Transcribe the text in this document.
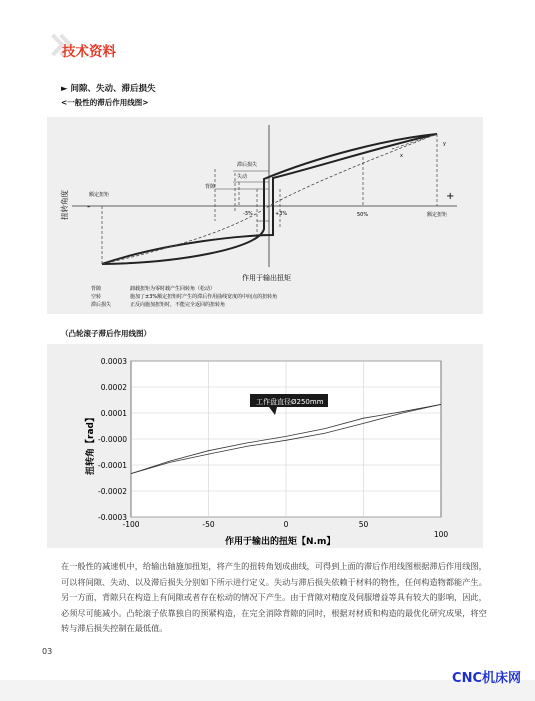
技术资料
► 间隙、失动、滞后损失
<一般性的滞后作用线图>
扭转角度
作用于输出扭矩
额定扭矩
额定扭矩
-
+
滞后损失
失动
背隙
-3%	+3%	50%
x
y
背隙	卸载扭矩为零时载产生回转角（松动）
空转	施加了±3%额定扭矩时产生的滞后作用曲线宽度的中间点的扭转角
滞后损失	正反向施加扭矩时，不能完全返回的扭转角
（凸轮滚子滞后作用线图）
0.0003
0.0002
0.0001
-0.0000
-0.0001
-0.0002
-0.0003
-100	-50	0	50
100
扭转角【rad】
作用于输出的扭矩【N.m】
工作盘直径Ø250mm
在一般性的减速机中，给输出轴施加扭矩，将产生的扭转角划成曲线，可得到上面的滞后作用线图根据滞后作用线图，可以将间隙、失动、以及滞后损失分别如下所示进行定义。失动与滞后损失依赖于材料的物性，任何构造物都能产生。另一方面，背隙只在构造上有间隙或者存在松动的情况下产生。由于背隙对精度及伺服增益等具有较大的影响，因此，必须尽可能减小。凸轮滚子依靠独自的预紧构造，在完全消除背隙的同时，根据对材质和构造的最优化研究成果，将空转与滞后损失控制在最低值。
03
CNC机床网
